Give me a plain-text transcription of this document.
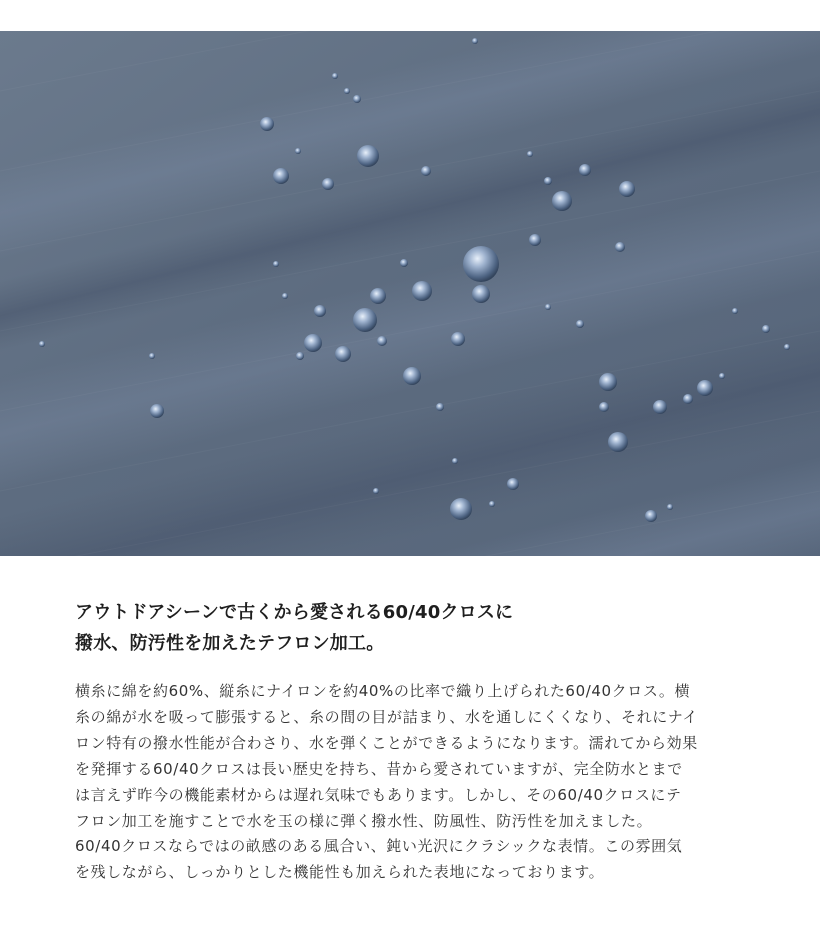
アウトドアシーンで古くから愛される60/40クロスに
撥水、防汚性を加えたテフロン加工。
横糸に綿を約60%、縦糸にナイロンを約40%の比率で織り上げられた60/40クロス。横
糸の綿が水を吸って膨張すると、糸の間の目が詰まり、水を通しにくくなり、それにナイ
ロン特有の撥水性能が合わさり、水を弾くことができるようになります。濡れてから効果
を発揮する60/40クロスは長い歴史を持ち、昔から愛されていますが、完全防水とまで
は言えず昨今の機能素材からは遅れ気味でもあります。しかし、その60/40クロスにテ
フロン加工を施すことで水を玉の様に弾く撥水性、防風性、防汚性を加えました。
60/40クロスならではの畝感のある風合い、鈍い光沢にクラシックな表情。この雰囲気
を残しながら、しっかりとした機能性も加えられた表地になっております。
